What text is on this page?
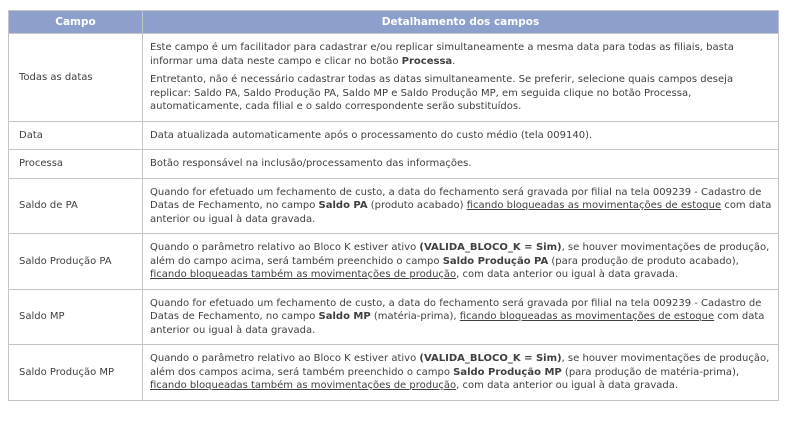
Campo	Detalhamento dos campos
Todas as datas	Este campo é um facilitador para cadastrar e/ou replicar simultaneamente a mesma data para todas as filiais, basta informar uma data neste campo e clicar no botão Processa.

Entretanto, não é necessário cadastrar todas as datas simultaneamente. Se preferir, selecione quais campos deseja replicar: Saldo PA, Saldo Produção PA, Saldo MP e Saldo Produção MP, em seguida clique no botão Processa, automaticamente, cada filial e o saldo correspondente serão substituídos.

Data	Data atualizada automaticamente após o processamento do custo médio (tela 009140).

Processa	Botão responsável na inclusão/processamento das informações.

Saldo de PA	Quando for efetuado um fechamento de custo, a data do fechamento será gravada por filial na tela 009239 - Cadastro de Datas de Fechamento, no campo Saldo PA (produto acabado) ficando bloqueadas as movimentações de estoque com data anterior ou igual à data gravada.

Saldo Produção PA	Quando o parâmetro relativo ao Bloco K estiver ativo (VALIDA_BLOCO_K = Sim), se houver movimentações de produção, além do campo acima, será também preenchido o campo Saldo Produção PA (para produção de produto acabado), ficando bloqueadas também as movimentações de produção, com data anterior ou igual à data gravada.

Saldo MP	Quando for efetuado um fechamento de custo, a data do fechamento será gravada por filial na tela 009239 - Cadastro de Datas de Fechamento, no campo Saldo MP (matéria-prima), ficando bloqueadas as movimentações de estoque com data anterior ou igual à data gravada.

Saldo Produção MP	Quando o parâmetro relativo ao Bloco K estiver ativo (VALIDA_BLOCO_K = Sim), se houver movimentações de produção, além dos campos acima, será também preenchido o campo Saldo Produção MP (para produção de matéria-prima), ficando bloqueadas também as movimentações de produção, com data anterior ou igual à data gravada.
